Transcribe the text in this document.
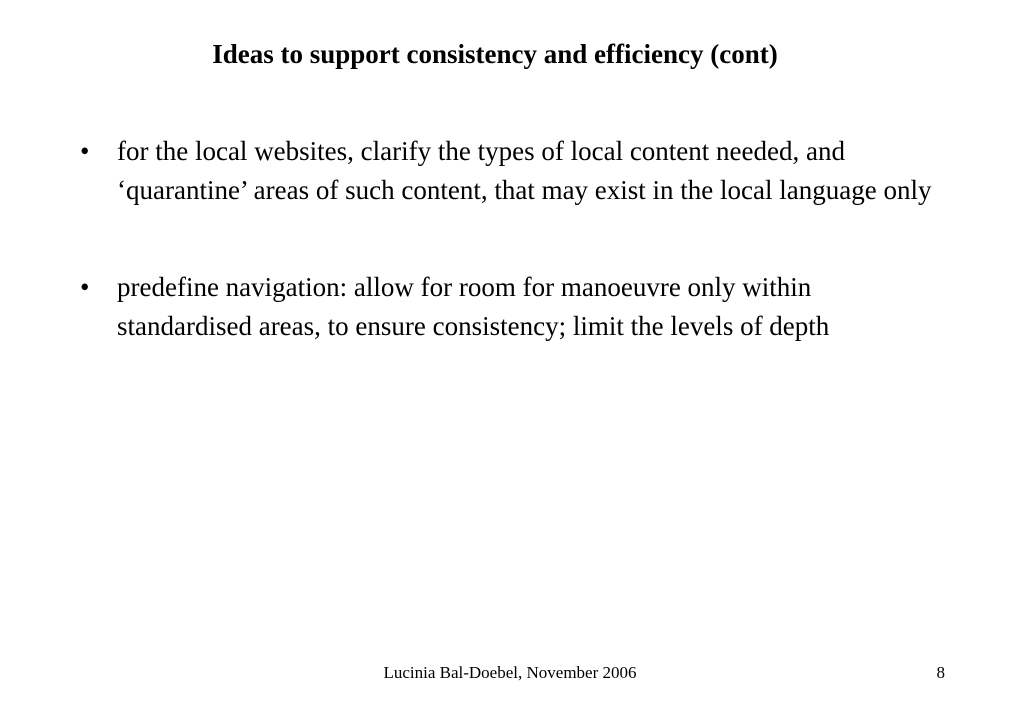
Ideas to support consistency and efficiency (cont)
•	for the local websites, clarify the types of local content needed, and ‘quarantine’ areas of such content, that may exist in the local language only
•	predefine navigation: allow for room for manoeuvre only within standardised areas, to ensure consistency; limit the levels of depth
Lucinia Bal-Doebel, November 2006	8
